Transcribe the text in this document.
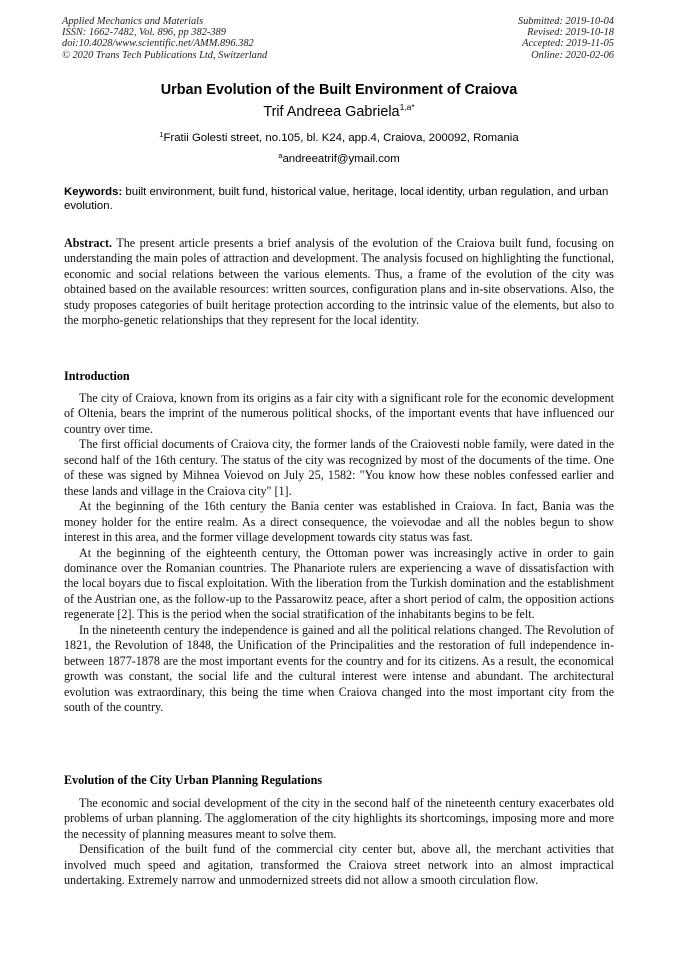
Applied Mechanics and Materials
ISSN: 1662-7482, Vol. 896, pp 382-389
doi:10.4028/www.scientific.net/AMM.896.382
© 2020 Trans Tech Publications Ltd, Switzerland
Submitted: 2019-10-04
Revised: 2019-10-18
Accepted: 2019-11-05
Online: 2020-02-06
Urban Evolution of the Built Environment of Craiova
Trif Andreea Gabriela$^{1,a*}$
$^1$Fratii Golesti street, no.105, bl. K24, app.4, Craiova, 200092, Romania
$^a$andreeatrif@ymail.com
Keywords: built environment, built fund, historical value, heritage, local identity, urban regulation, and urban evolution.

Abstract. The present article presents a brief analysis of the evolution of the Craiova built fund, focusing on understanding the main poles of attraction and development. The analysis focused on highlighting the functional, economic and social relations between the various elements. Thus, a frame of the evolution of the city was obtained based on the available resources: written sources, configuration plans and in-site observations. Also, the study proposes categories of built heritage protection according to the intrinsic value of the elements, but also to the morpho-genetic relationships that they represent for the local identity.

Introduction

The city of Craiova, known from its origins as a fair city with a significant role for the economic development of Oltenia, bears the imprint of the numerous political shocks, of the important events that have influenced our country over time.

The first official documents of Craiova city, the former lands of the Craiovesti noble family, were dated in the second half of the 16th century. The status of the city was recognized by most of the documents of the time. One of these was signed by Mihnea Voievod on July 25, 1582: "You know how these nobles confessed earlier and these lands and village in the Craiova city" [1].

At the beginning of the 16th century the Bania center was established in Craiova. In fact, Bania was the money holder for the entire realm. As a direct consequence, the voievodae and all the nobles begun to show interest in this area, and the former village development towards city status was fast.

At the beginning of the eighteenth century, the Ottoman power was increasingly active in order to gain dominance over the Romanian countries. The Phanariote rulers are experiencing a wave of dissatisfaction with the local boyars due to fiscal exploitation. With the liberation from the Turkish domination and the establishment of the Austrian one, as the follow-up to the Passarowitz peace, after a short period of calm, the opposition actions regenerate [2]. This is the period when the social stratification of the inhabitants begins to be felt.

In the nineteenth century the independence is gained and all the political relations changed. The Revolution of 1821, the Revolution of 1848, the Unification of the Principalities and the restoration of full independence in-between 1877-1878 are the most important events for the country and for its citizens. As a result, the economical growth was constant, the social life and the cultural interest were intense and abundant. The architectural evolution was extraordinary, this being the time when Craiova changed into the most important city from the south of the country.

Evolution of the City Urban Planning Regulations

The economic and social development of the city in the second half of the nineteenth century exacerbates old problems of urban planning. The agglomeration of the city highlights its shortcomings, imposing more and more the necessity of planning measures meant to solve them.

Densification of the built fund of the commercial city center but, above all, the merchant activities that involved much speed and agitation, transformed the Craiova street network into an almost impractical undertaking. Extremely narrow and unmodernized streets did not allow a smooth circulation flow.
